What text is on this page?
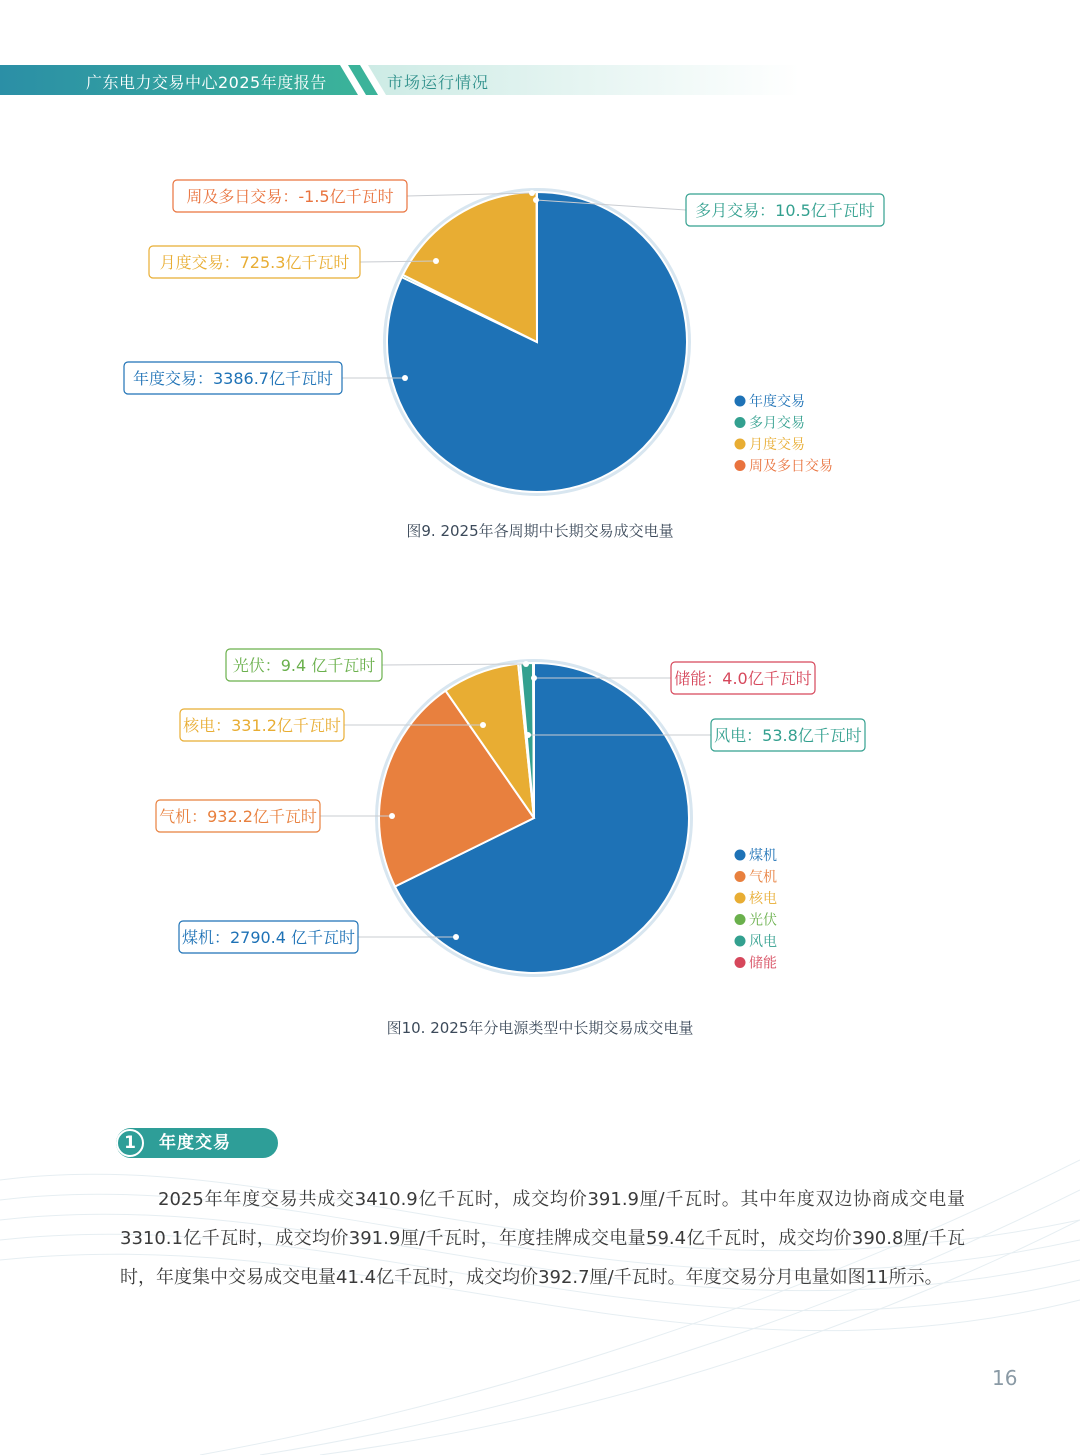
广东电力交易中心2025年度报告	市场运行情况
年度交易：3386.7亿千瓦时
多月交易：10.5亿千瓦时
月度交易：725.3亿千瓦时
周及多日交易：-1.5亿千瓦时
年度交易
多月交易
月度交易
周及多日交易
图9. 2025年各周期中长期交易成交电量
煤机：2790.4 亿千瓦时
气机：932.2亿千瓦时
核电：331.2亿千瓦时
光伏：9.4 亿千瓦时
风电：53.8亿千瓦时
储能：4.0亿千瓦时
煤机
气机
核电
光伏
风电
储能
图10. 2025年分电源类型中长期交易成交电量
1	年度交易
2025年年度交易共成交3410.9亿千瓦时，成交均价391.9厘/千瓦时。其中年度双边协商成交电量3310.1亿千瓦时，成交均价391.9厘/千瓦时，年度挂牌成交电量59.4亿千瓦时，成交均价390.8厘/千瓦时，年度集中交易成交电量41.4亿千瓦时，成交均价392.7厘/千瓦时。年度交易分月电量如图11所示。
16
